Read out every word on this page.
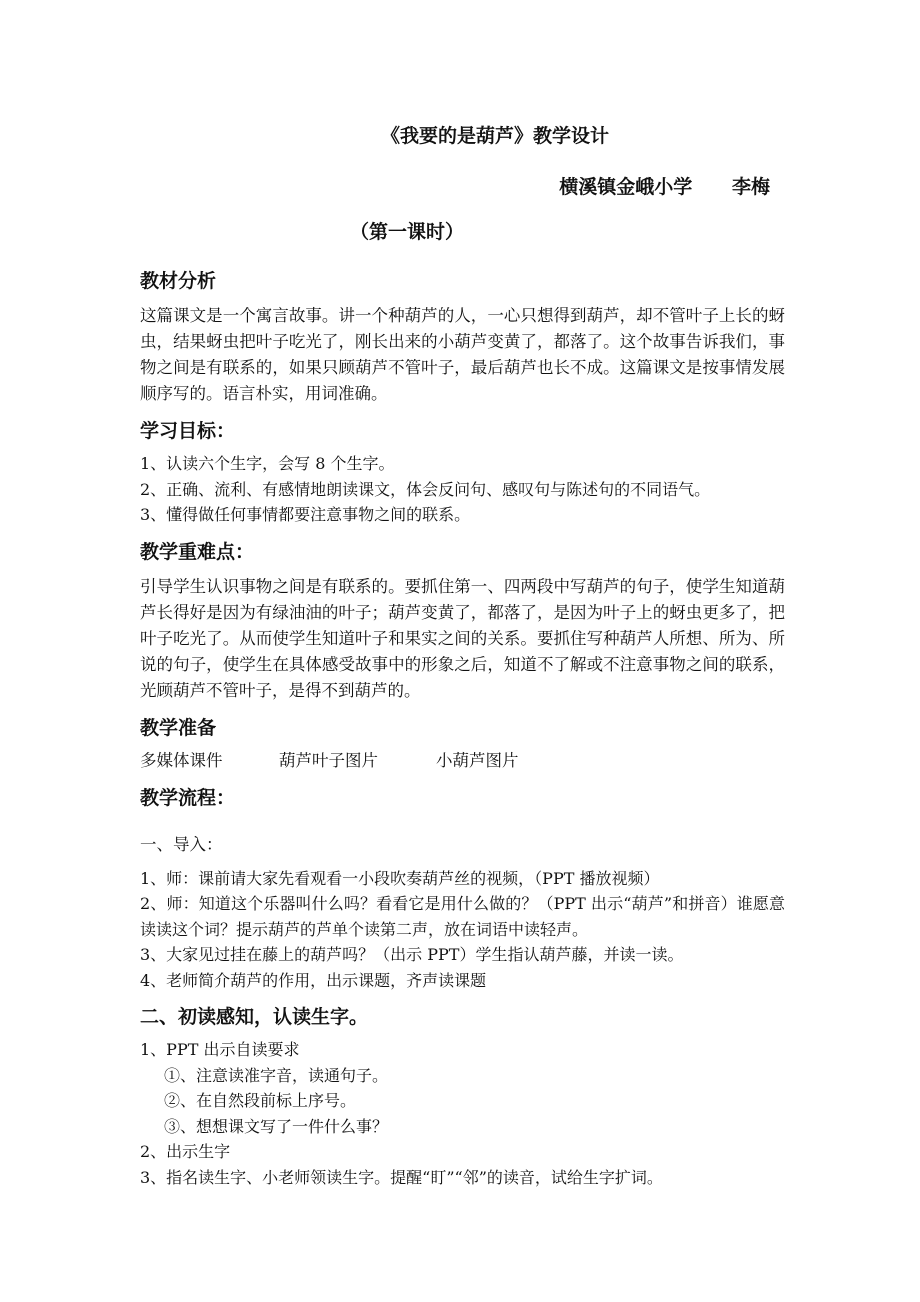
《我要的是葫芦》教学设计
横溪镇金峨小学      李梅
（第一课时）
教材分析

这篇课文是一个寓言故事。讲一个种葫芦的人，一心只想得到葫芦，却不管叶子上长的蚜虫，结果蚜虫把叶子吃光了，刚长出来的小葫芦变黄了，都落了。这个故事告诉我们，事物之间是有联系的，如果只顾葫芦不管叶子，最后葫芦也长不成。这篇课文是按事情发展顺序写的。语言朴实，用词准确。

学习目标：

1、认读六个生字，会写 8 个生字。

2、正确、流利、有感情地朗读课文，体会反问句、感叹句与陈述句的不同语气。

3、懂得做任何事情都要注意事物之间的联系。

教学重难点：

引导学生认识事物之间是有联系的。要抓住第一、四两段中写葫芦的句子，使学生知道葫芦长得好是因为有绿油油的叶子；葫芦变黄了，都落了，是因为叶子上的蚜虫更多了，把叶子吃光了。从而使学生知道叶子和果实之间的关系。要抓住写种葫芦人所想、所为、所说的句子，使学生在具体感受故事中的形象之后，知道不了解或不注意事物之间的联系，光顾葫芦不管叶子，是得不到葫芦的。

教学准备
多媒体课件	葫芦叶子图片	小葫芦图片
教学流程：

一、导入：

1、师：课前请大家先看观看一小段吹奏葫芦丝的视频，（PPT 播放视频）

2、师：知道这个乐器叫什么吗？看看它是用什么做的？（PPT 出示“葫芦”和拼音）谁愿意读读这个词？提示葫芦的芦单个读第二声，放在词语中读轻声。

3、大家见过挂在藤上的葫芦吗？（出示 PPT）学生指认葫芦藤，并读一读。

4、老师简介葫芦的作用，出示课题，齐声读课题

二、初读感知，认读生字。

1、PPT 出示自读要求

①、注意读准字音，读通句子。

②、在自然段前标上序号。

③、想想课文写了一件什么事？

2、出示生字

3、指名读生字、小老师领读生字。提醒“盯”“邻”的读音，试给生字扩词。
